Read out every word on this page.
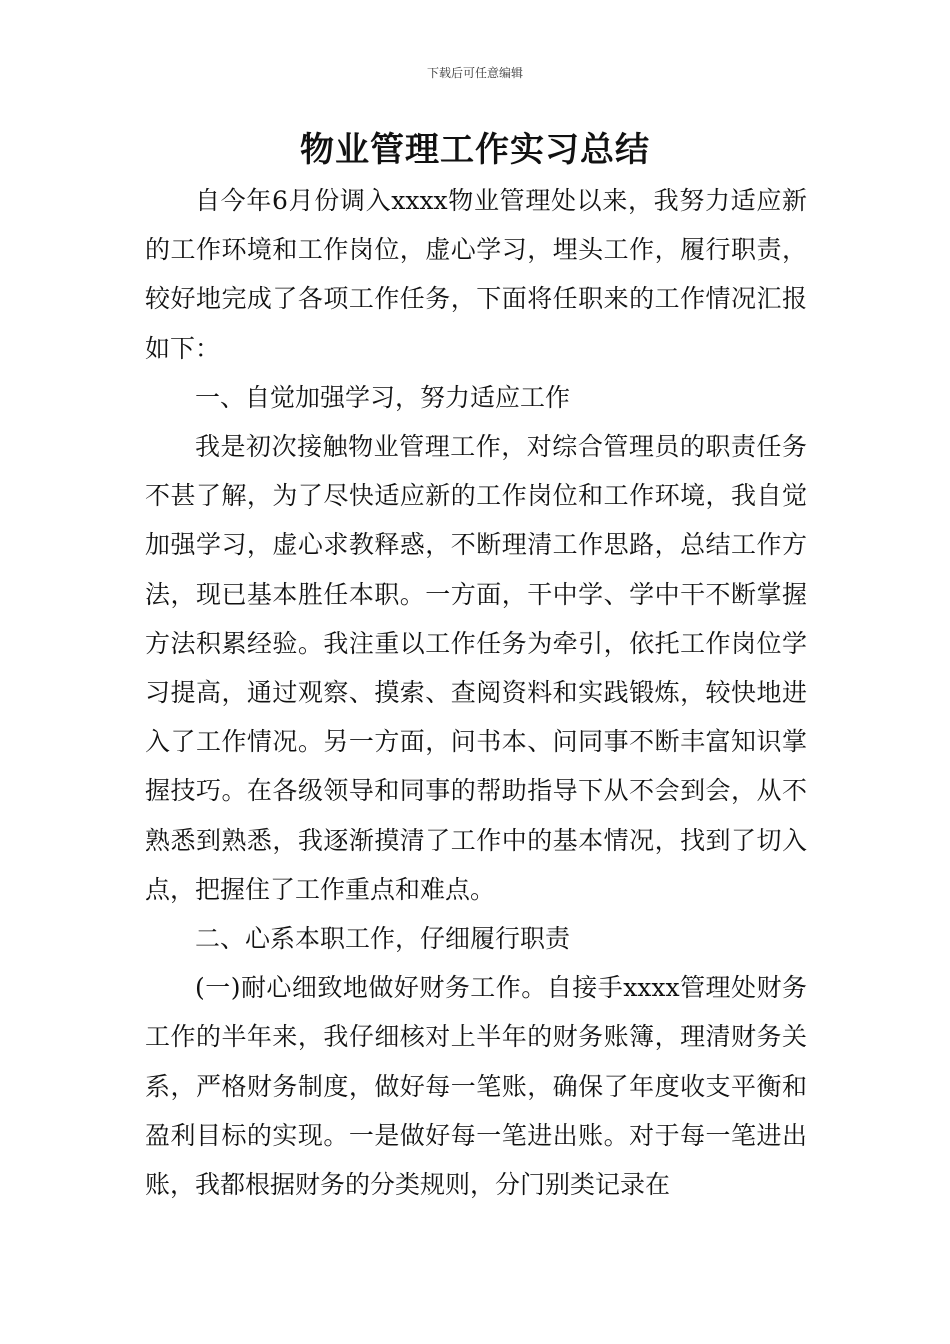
下载后可任意编辑
物业管理工作实习总结

自今年6月份调入xxxx物业管理处以来，我努力适应新的工作环境和工作岗位，虚心学习，埋头工作，履行职责，较好地完成了各项工作任务，下面将任职来的工作情况汇报如下：

一、自觉加强学习，努力适应工作

我是初次接触物业管理工作，对综合管理员的职责任务不甚了解，为了尽快适应新的工作岗位和工作环境，我自觉加强学习，虚心求教释惑，不断理清工作思路，总结工作方法，现已基本胜任本职。一方面，干中学、学中干不断掌握方法积累经验。我注重以工作任务为牵引，依托工作岗位学习提高，通过观察、摸索、查阅资料和实践锻炼，较快地进入了工作情况。另一方面，问书本、问同事不断丰富知识掌握技巧。在各级领导和同事的帮助指导下从不会到会，从不熟悉到熟悉，我逐渐摸清了工作中的基本情况，找到了切入点，把握住了工作重点和难点。

二、心系本职工作，仔细履行职责

(一)耐心细致地做好财务工作。自接手xxxx管理处财务工作的半年来，我仔细核对上半年的财务账簿，理清财务关系，严格财务制度，做好每一笔账，确保了年度收支平衡和盈利目标的实现。一是做好每一笔进出账。对于每一笔进出账，我都根据财务的分类规则，分门别类记录在
